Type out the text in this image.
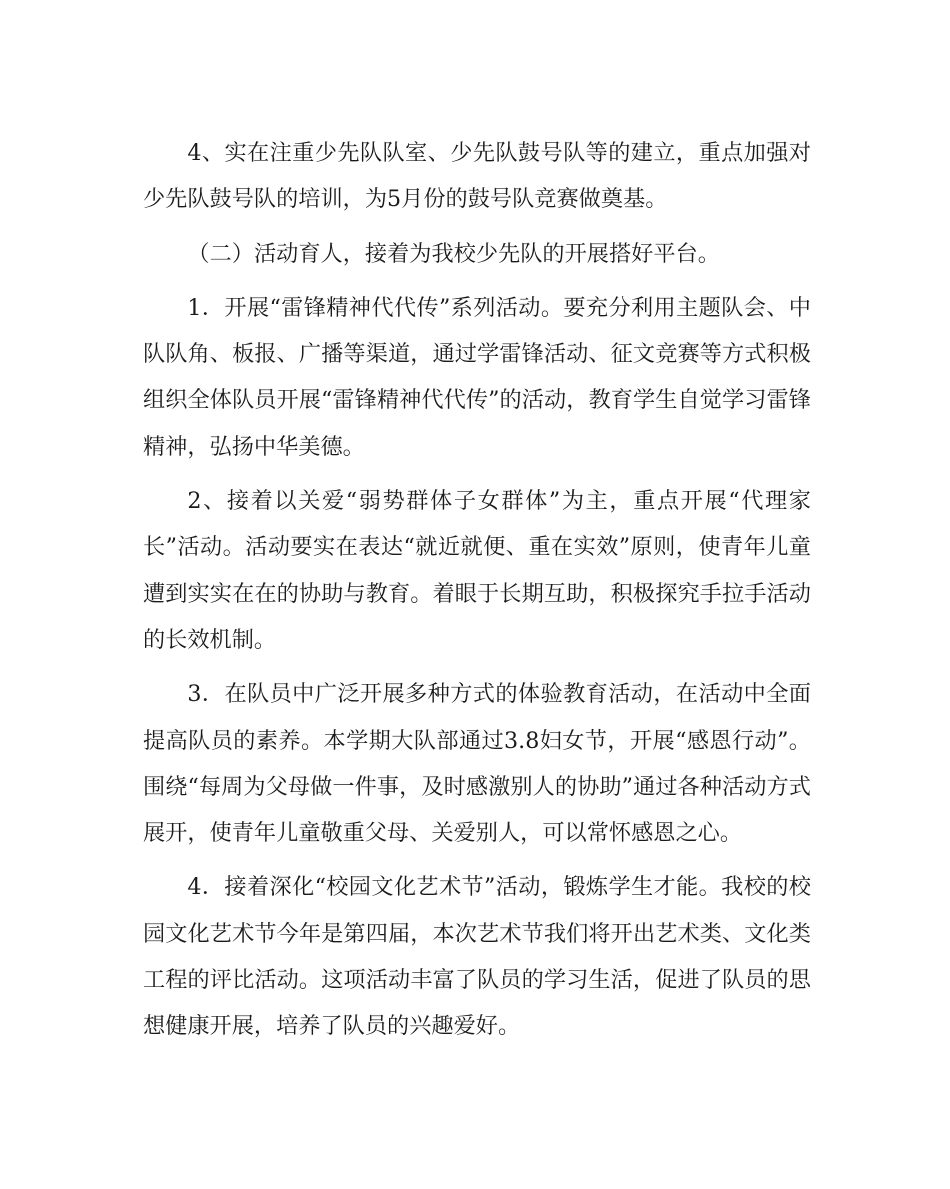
4、实在注重少先队队室、少先队鼓号队等的建立，重点加强对少先队鼓号队的培训，为5月份的鼓号队竞赛做奠基。

（二）活动育人，接着为我校少先队的开展搭好平台。

1．开展“雷锋精神代代传”系列活动。要充分利用主题队会、中队队角、板报、广播等渠道，通过学雷锋活动、征文竞赛等方式积极组织全体队员开展“雷锋精神代代传”的活动，教育学生自觉学习雷锋精神，弘扬中华美德。

2、接着以关爱“弱势群体子女群体”为主，重点开展“代理家长”活动。活动要实在表达“就近就便、重在实效”原则，使青年儿童遭到实实在在的协助与教育。着眼于长期互助，积极探究手拉手活动的长效机制。

3．在队员中广泛开展多种方式的体验教育活动，在活动中全面提高队员的素养。本学期大队部通过3.8妇女节，开展“感恩行动”。围绕“每周为父母做一件事，及时感激别人的协助”通过各种活动方式展开，使青年儿童敬重父母、关爱别人，可以常怀感恩之心。

4．接着深化“校园文化艺术节”活动，锻炼学生才能。我校的校园文化艺术节今年是第四届，本次艺术节我们将开出艺术类、文化类工程的评比活动。这项活动丰富了队员的学习生活，促进了队员的思想健康开展，培养了队员的兴趣爱好。
